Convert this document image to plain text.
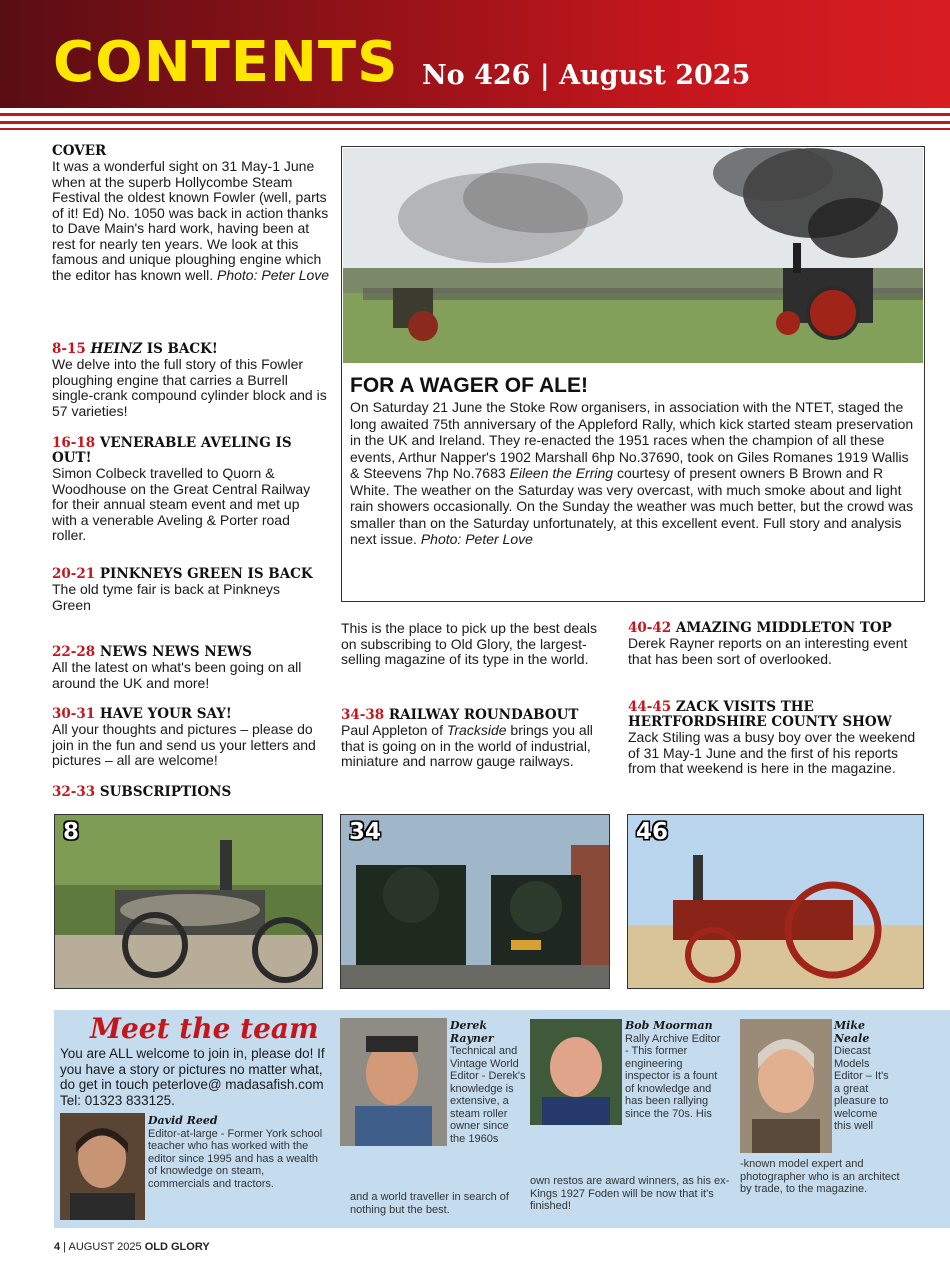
CONTENTS No 426 | August 2025
COVER
It was a wonderful sight on 31 May-1 June when at the superb Hollycombe Steam Festival the oldest known Fowler (well, parts of it! Ed) No. 1050 was back in action thanks to Dave Main's hard work, having been at rest for nearly ten years. We look at this famous and unique ploughing engine which the editor has known well. Photo: Peter Love
8-15 HEINZ IS BACK!
We delve into the full story of this Fowler ploughing engine that carries a Burrell single-crank compound cylinder block and is 57 varieties!
16-18 VENERABLE AVELING IS OUT!
Simon Colbeck travelled to Quorn & Woodhouse on the Great Central Railway for their annual steam event and met up with a venerable Aveling & Porter road roller.
20-21 PINKNEYS GREEN IS BACK
The old tyme fair is back at Pinkneys Green
22-28 NEWS NEWS NEWS
All the latest on what's been going on all around the UK and more!
30-31 HAVE YOUR SAY!
All your thoughts and pictures – please do join in the fun and send us your letters and pictures – all are welcome!
32-33 SUBSCRIPTIONS
FOR A WAGER OF ALE!
On Saturday 21 June the Stoke Row organisers, in association with the NTET, staged the long awaited 75th anniversary of the Appleford Rally, which kick started steam preservation in the UK and Ireland. They re-enacted the 1951 races when the champion of all these events, Arthur Napper's 1902 Marshall 6hp No.37690, took on Giles Romanes 1919 Wallis & Steevens 7hp No.7683 Eileen the Erring courtesy of present owners B Brown and R White. The weather on the Saturday was very overcast, with much smoke about and light rain showers occasionally. On the Sunday the weather was much better, but the crowd was smaller than on the Saturday unfortunately, at this excellent event. Full story and analysis next issue. Photo: Peter Love
This is the place to pick up the best deals on subscribing to Old Glory, the largest-selling magazine of its type in the world.
34-38 RAILWAY ROUNDABOUT
Paul Appleton of Trackside brings you all that is going on in the world of industrial, miniature and narrow gauge railways.
40-42 AMAZING MIDDLETON TOP
Derek Rayner reports on an interesting event that has been sort of overlooked.
44-45 ZACK VISITS THE HERTFORDSHIRE COUNTY SHOW
Zack Stiling was a busy boy over the weekend of 31 May-1 June and the first of his reports from that weekend is here in the magazine.
8	34	46
Meet the team
You are ALL welcome to join in, please do! If you have a story or pictures no matter what, do get in touch peterlove@ madasafish.com Tel: 01323 833125.
David Reed
Editor-at-large - Former York school teacher who has worked with the editor since 1995 and has a wealth of knowledge on steam, commercials and tractors.
Derek Rayner
Technical and Vintage World Editor - Derek's knowledge is extensive, a steam roller owner since the 1960s
and a world traveller in search of nothing but the best.
Bob Moorman
Rally Archive Editor - This former engineering inspector is a fount of knowledge and has been rallying since the 70s. His
own restos are award winners, as his ex-Kings 1927 Foden will be now that it's finished!
Mike Neale
Diecast Models Editor – It's a great pleasure to welcome this well
-known model expert and photographer who is an architect by trade, to the magazine.
4 | AUGUST 2025 OLD GLORY
